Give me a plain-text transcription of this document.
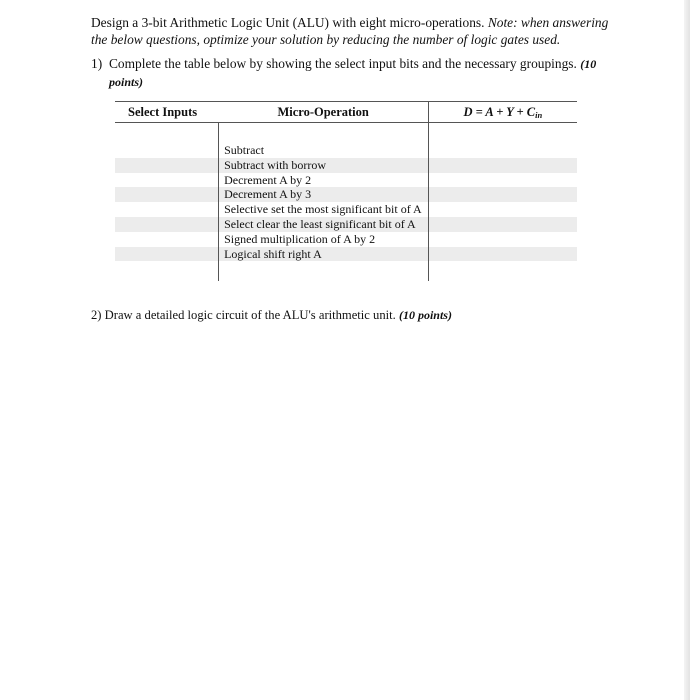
Design a 3-bit Arithmetic Logic Unit (ALU) with eight micro-operations. Note: when answering the below questions, optimize your solution by reducing the number of logic gates used.
1) Complete the table below by showing the select input bits and the necessary groupings. (10 points)
Select Inputs	Micro-Operation	$D = A + Y + C_{in}$

	Subtract	
	Subtract with borrow	
	Decrement A by 2	
	Decrement A by 3	
	Selective set the most significant bit of A	
	Select clear the least significant bit of A	
	Signed multiplication of A by 2	
	Logical shift right A	

2) Draw a detailed logic circuit of the ALU's arithmetic unit. (10 points)
